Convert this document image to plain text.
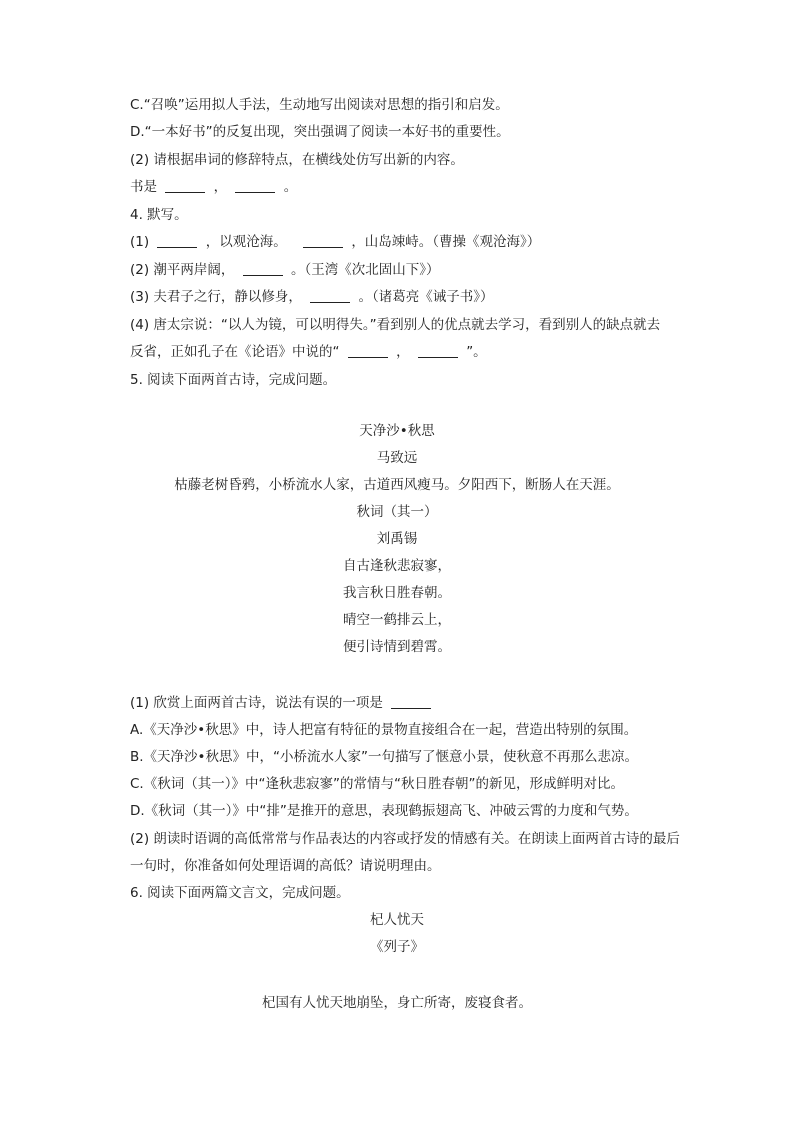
C.“召唤”运用拟人手法，生动地写出阅读对思想的指引和启发。
D.“一本好书”的反复出现，突出强调了阅读一本好书的重要性。
(2) 请根据串词的修辞特点，在横线处仿写出新的内容。
书是	，	。
4. 默写。
(1)	，以观沧海。	，山岛竦峙。（曹操《观沧海》）
(2) 潮平两岸阔，	。（王湾《次北固山下》）
(3) 夫君子之行，静以修身，	。（诸葛亮《诫子书》）
(4) 唐太宗说：“以人为镜，可以明得失。”看到别人的优点就去学习，看到别人的缺点就去
反省，正如孔子在《论语》中说的“	，	”。
5. 阅读下面两首古诗，完成问题。
天净沙•秋思
马致远
枯藤老树昏鸦，小桥流水人家，古道西风瘦马。夕阳西下，断肠人在天涯。
秋词（其一）
刘禹锡
自古逢秋悲寂寥，
我言秋日胜春朝。
晴空一鹤排云上，
便引诗情到碧霄。
(1) 欣赏上面两首古诗，说法有误的一项是
A.《天净沙•秋思》中，诗人把富有特征的景物直接组合在一起，营造出特别的氛围。
B.《天净沙•秋思》中，“小桥流水人家”一句描写了惬意小景，使秋意不再那么悲凉。
C.《秋词（其一）》中“逢秋悲寂寥”的常情与“秋日胜春朝”的新见，形成鲜明对比。
D.《秋词（其一）》中“排”是推开的意思，表现鹤振翅高飞、冲破云霄的力度和气势。
(2) 朗读时语调的高低常常与作品表达的内容或抒发的情感有关。在朗读上面两首古诗的最后
一句时，你准备如何处理语调的高低？请说明理由。
6. 阅读下面两篇文言文，完成问题。
杞人忧天
《列子》
杞国有人忧天地崩坠，身亡所寄，废寝食者。
